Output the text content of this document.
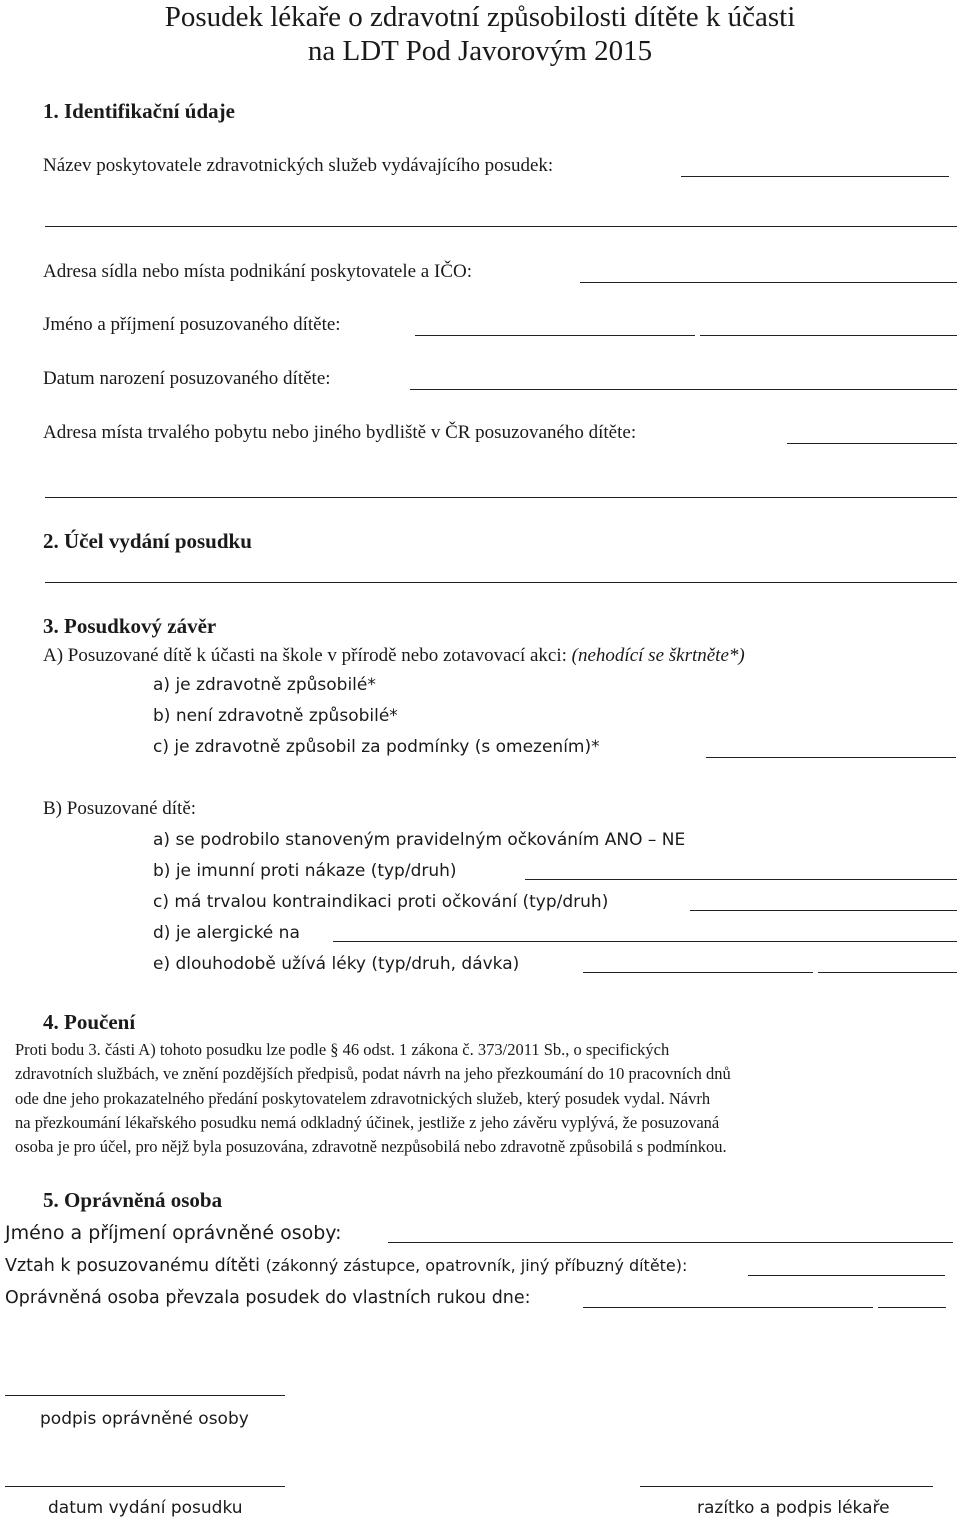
Posudek lékaře o zdravotní způsobilosti dítěte k účasti
na LDT Pod Javorovým 2015
1. Identifikační údaje
Název poskytovatele zdravotnických služeb vydávajícího posudek:
Adresa sídla nebo místa podnikání poskytovatele a IČO:
Jméno a příjmení posuzovaného dítěte:
Datum narození posuzovaného dítěte:
Adresa místa trvalého pobytu nebo jiného bydliště v ČR posuzovaného dítěte:
2. Účel vydání posudku
3. Posudkový závěr
A) Posuzované dítě k účasti na škole v přírodě nebo zotavovací akci: (nehodící se škrtněte*)
a) je zdravotně způsobilé*
b) není zdravotně způsobilé*
c) je zdravotně způsobil za podmínky (s omezením)*
B) Posuzované dítě:
a) se podrobilo stanoveným pravidelným očkováním ANO – NE
b) je imunní proti nákaze (typ/druh)
c) má trvalou kontraindikaci proti očkování (typ/druh)
d) je alergické na
e) dlouhodobě užívá léky (typ/druh, dávka)
4. Poučení
Proti bodu 3. části A) tohoto posudku lze podle § 46 odst. 1 zákona č. 373/2011 Sb., o specifických
zdravotních službách, ve znění pozdějších předpisů, podat návrh na jeho přezkoumání do 10 pracovních dnů
ode dne jeho prokazatelného předání poskytovatelem zdravotnických služeb, který posudek vydal. Návrh
na přezkoumání lékařského posudku nemá odkladný účinek, jestliže z jeho závěru vyplývá, že posuzovaná
osoba je pro účel, pro nějž byla posuzována, zdravotně nezpůsobilá nebo zdravotně způsobilá s podmínkou.
5. Oprávněná osoba
Jméno a příjmení oprávněné osoby:
Vztah k posuzovanému dítěti (zákonný zástupce, opatrovník, jiný příbuzný dítěte):
Oprávněná osoba převzala posudek do vlastních rukou dne:
podpis oprávněné osoby
datum vydání posudku	razítko a podpis lékaře
